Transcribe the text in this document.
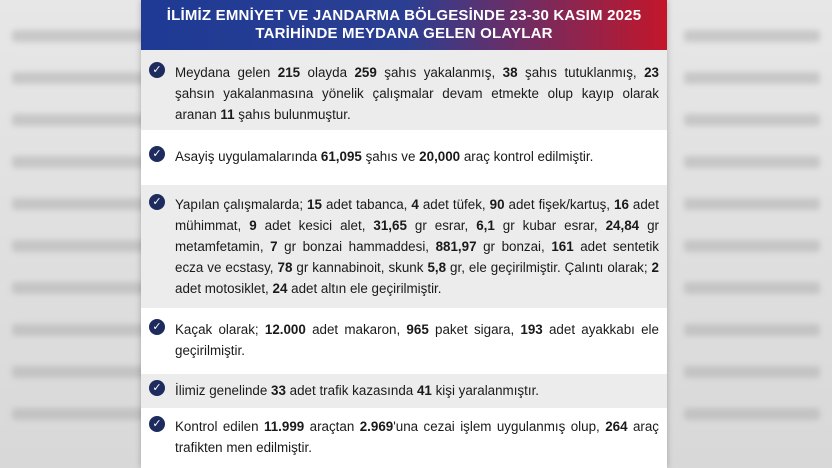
İLİMİZ EMNİYET VE JANDARMA BÖLGESİNDE 23-30 KASIM 2025
TARİHİNDE MEYDANA GELEN OLAYLAR
✓ Meydana gelen 215 olayda 259 şahıs yakalanmış, 38 şahıs tutuklanmış, 23 şahsın yakalanmasına yönelik çalışmalar devam etmekte olup kayıp olarak aranan 11 şahıs bulunmuştur.
✓ Asayiş uygulamalarında 61,095 şahıs ve 20,000 araç kontrol edilmiştir.
✓ Yapılan çalışmalarda; 15 adet tabanca, 4 adet tüfek, 90 adet fişek/kartuş, 16 adet mühimmat, 9 adet kesici alet, 31,65 gr esrar, 6,1 gr kubar esrar, 24,84 gr metamfetamin, 7 gr bonzai hammaddesi, 881,97 gr bonzai, 161 adet sentetik ecza ve ecstasy, 78 gr kannabinoit, skunk 5,8 gr, ele geçirilmiştir. Çalıntı olarak; 2 adet motosiklet, 24 adet altın ele geçirilmiştir.
✓ Kaçak olarak; 12.000 adet makaron, 965 paket sigara, 193 adet ayakkabı ele geçirilmiştir.
✓ İlimiz genelinde 33 adet trafik kazasında 41 kişi yaralanmıştır.
✓ Kontrol edilen 11.999 araçtan 2.969'una cezai işlem uygulanmış olup, 264 araç trafikten men edilmiştir.
